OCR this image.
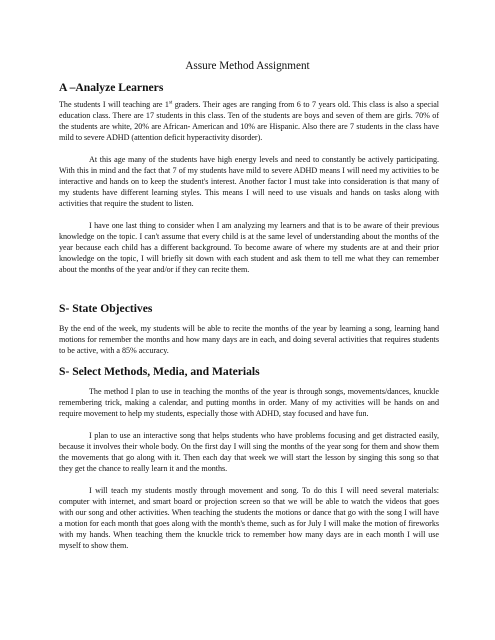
Assure Method Assignment
A –Analyze Learners

The students I will teaching are 1st graders. Their ages are ranging from 6 to 7 years old. This class is also a special education class. There are 17 students in this class. Ten of the students are boys and seven of them are girls. 70% of the students are white, 20% are African- American and 10% are Hispanic. Also there are 7 students in the class have mild to severe ADHD (attention deficit hyperactivity disorder).

At this age many of the students have high energy levels and need to constantly be actively participating. With this in mind and the fact that 7 of my students have mild to severe ADHD means I will need my activities to be interactive and hands on to keep the student's interest. Another factor I must take into consideration is that many of my students have different learning styles. This means I will need to use visuals and hands on tasks along with activities that require the student to listen.

I have one last thing to consider when I am analyzing my learners and that is to be aware of their previous knowledge on the topic. I can't assume that every child is at the same level of understanding about the months of the year because each child has a different background. To become aware of where my students are at and their prior knowledge on the topic, I will briefly sit down with each student and ask them to tell me what they can remember about the months of the year and/or if they can recite them.

S- State Objectives

By the end of the week, my students will be able to recite the months of the year by learning a song, learning hand motions for remember the months and how many days are in each, and doing several activities that requires students to be active, with a 85% accuracy.

S- Select Methods, Media, and Materials

The method I plan to use in teaching the months of the year is through songs, movements/dances, knuckle remembering trick, making a calendar, and putting months in order. Many of my activities will be hands on and require movement to help my students, especially those with ADHD, stay focused and have fun.

I plan to use an interactive song that helps students who have problems focusing and get distracted easily, because it involves their whole body. On the first day I will sing the months of the year song for them and show them the movements that go along with it. Then each day that week we will start the lesson by singing this song so that they get the chance to really learn it and the months.

I will teach my students mostly through movement and song. To do this I will need several materials: computer with internet, and smart board or projection screen so that we will be able to watch the videos that goes with our song and other activities. When teaching the students the motions or dance that go with the song I will have a motion for each month that goes along with the month's theme, such as for July I will make the motion of fireworks with my hands. When teaching them the knuckle trick to remember how many days are in each month I will use myself to show them.
